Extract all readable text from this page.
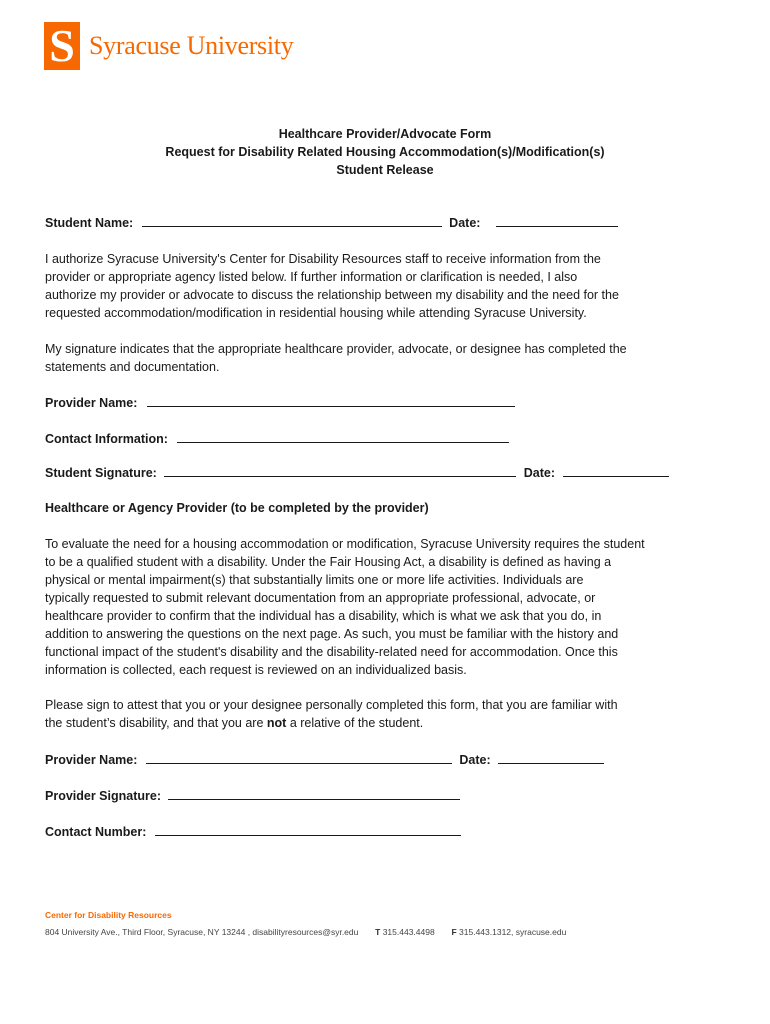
S Syracuse University
Healthcare Provider/Advocate Form
Request for Disability Related Housing Accommodation(s)/Modification(s)
Student Release
Student Name:	Date:
I authorize Syracuse University's Center for Disability Resources staff to receive information from the
provider or appropriate agency listed below. If further information or clarification is needed, I also
authorize my provider or advocate to discuss the relationship between my disability and the need for the
requested accommodation/modification in residential housing while attending Syracuse University.
My signature indicates that the appropriate healthcare provider, advocate, or designee has completed the
statements and documentation.
Provider Name:
Contact Information:
Student Signature:	Date:
Healthcare or Agency Provider (to be completed by the provider)
To evaluate the need for a housing accommodation or modification, Syracuse University requires the student
to be a qualified student with a disability. Under the Fair Housing Act, a disability is defined as having a
physical or mental impairment(s) that substantially limits one or more life activities. Individuals are
typically requested to submit relevant documentation from an appropriate professional, advocate, or
healthcare provider to confirm that the individual has a disability, which is what we ask that you do, in
addition to answering the questions on the next page. As such, you must be familiar with the history and
functional impact of the student's disability and the disability-related need for accommodation. Once this
information is collected, each request is reviewed on an individualized basis.
Please sign to attest that you or your designee personally completed this form, that you are familiar with
the student’s disability, and that you are not a relative of the student.
Provider Name:	Date:
Provider Signature:
Contact Number:
Center for Disability Resources
804 University Ave., Third Floor, Syracuse, NY 13244 , disabilityresources@syr.edu T 315.443.4498 F 315.443.1312, syracuse.edu
